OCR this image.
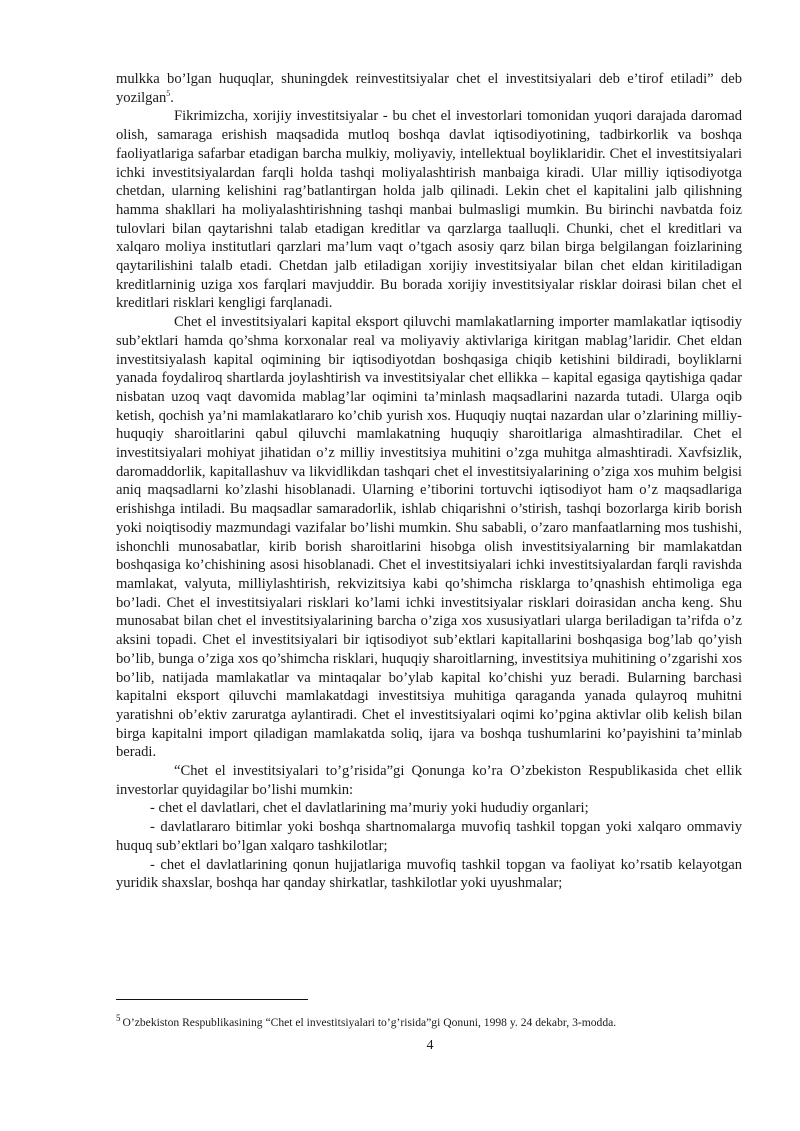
mulkka bo’lgan huquqlar, shuningdek reinvestitsiyalar chet el investitsiyalari deb e’tirof etiladi” deb yozilgan$^5$.

Fikrimizcha, xorijiy investitsiyalar - bu chet el investorlari tomonidan yuqori darajada daromad olish, samaraga erishish maqsadida mutloq boshqa davlat iqtisodiyotining, tadbirkorlik va boshqa faoliyatlariga safarbar etadigan barcha mulkiy, moliyaviy, intellektual boyliklaridir. Chet el investitsiyalari ichki investitsiyalardan farqli holda tashqi moliyalashtirish manbaiga kiradi. Ular milliy iqtisodiyotga chetdan, ularning kelishini rag’batlantirgan holda jalb qilinadi. Lekin chet el kapitalini jalb qilishning hamma shakllari ha moliyalashtirishning tashqi manbai bulmasligi mumkin. Bu birinchi navbatda foiz tulovlari bilan qaytarishni talab etadigan kreditlar va qarzlarga taalluqli. Chunki, chet el kreditlari va xalqaro moliya institutlari qarzlari ma’lum vaqt o’tgach asosiy qarz bilan birga belgilangan foizlarining qaytarilishini talalb etadi. Chetdan jalb etiladigan xorijiy investitsiyalar bilan chet eldan kiritiladigan kreditlarninig uziga xos farqlari mavjuddir. Bu borada xorijiy investitsiyalar risklar doirasi bilan chet el kreditlari risklari kengligi farqlanadi.

Chet el investitsiyalari kapital eksport qiluvchi mamlakatlarning importer mamlakatlar iqtisodiy sub’ektlari hamda qo’shma korxonalar real va moliyaviy aktivlariga kiritgan mablag’laridir. Chet eldan investitsiyalash kapital oqimining bir iqtisodiyotdan boshqasiga chiqib ketishini bildiradi, boyliklarni yanada foydaliroq shartlarda joylashtirish va investitsiyalar chet ellikka – kapital egasiga qaytishiga qadar nisbatan uzoq vaqt davomida mablag’lar oqimini ta’minlash maqsadlarini nazarda tutadi. Ularga oqib ketish, qochish ya’ni mamlakatlararo ko’chib yurish xos. Huquqiy nuqtai nazardan ular o’zlarining milliy-huquqiy sharoitlarini qabul qiluvchi mamlakatning huquqiy sharoitlariga almashtiradilar. Chet el investitsiyalari mohiyat jihatidan o’z milliy investitsiya muhitini o’zga muhitga almashtiradi. Xavfsizlik, daromaddorlik, kapitallashuv va likvidlikdan tashqari chet el investitsiyalarining o’ziga xos muhim belgisi aniq maqsadlarni ko’zlashi hisoblanadi. Ularning e’tiborini tortuvchi iqtisodiyot ham o’z maqsadlariga erishishga intiladi. Bu maqsadlar samaradorlik, ishlab chiqarishni o’stirish, tashqi bozorlarga kirib borish yoki noiqtisodiy mazmundagi vazifalar bo’lishi mumkin. Shu sababli, o’zaro manfaatlarning mos tushishi, ishonchli munosabatlar, kirib borish sharoitlarini hisobga olish investitsiyalarning bir mamlakatdan boshqasiga ko’chishining asosi hisoblanadi. Chet el investitsiyalari ichki investitsiyalardan farqli ravishda mamlakat, valyuta, milliylashtirish, rekvizitsiya kabi qo’shimcha risklarga to’qnashish ehtimoliga ega bo’ladi. Chet el investitsiyalari risklari ko’lami ichki investitsiyalar risklari doirasidan ancha keng. Shu munosabat bilan chet el investitsiyalarining barcha o’ziga xos xususiyatlari ularga beriladigan ta’rifda o’z aksini topadi. Chet el investitsiyalari bir iqtisodiyot sub’ektlari kapitallarini boshqasiga bog’lab qo’yish bo’lib, bunga o’ziga xos qo’shimcha risklari, huquqiy sharoitlarning, investitsiya muhitining o’zgarishi xos bo’lib, natijada mamlakatlar va mintaqalar bo’ylab kapital ko’chishi yuz beradi. Bularning barchasi kapitalni eksport qiluvchi mamlakatdagi investitsiya muhitiga qaraganda yanada qulayroq muhitni yaratishni ob’ektiv zaruratga aylantiradi. Chet el investitsiyalari oqimi ko’pgina aktivlar olib kelish bilan birga kapitalni import qiladigan mamlakatda soliq, ijara va boshqa tushumlarini ko’payishini ta’minlab beradi.

“Chet el investitsiyalari to’g’risida”gi Qonunga ko’ra O’zbekiston Respublikasida chet ellik investorlar quyidagilar bo’lishi mumkin:

- chet el davlatlari, chet el davlatlarining ma’muriy yoki hududiy organlari;

- davlatlararo bitimlar yoki boshqa shartnomalarga muvofiq tashkil topgan yoki xalqaro ommaviy huquq sub’ektlari bo’lgan xalqaro tashkilotlar;

- chet el davlatlarining qonun hujjatlariga muvofiq tashkil topgan va faoliyat ko’rsatib kelayotgan yuridik shaxslar, boshqa har qanday shirkatlar, tashkilotlar yoki uyushmalar;

$^5$ O’zbekiston Respublikasining “Chet el investitsiyalari to’g’risida”gi Qonuni, 1998 y. 24 dekabr, 3-modda.
4
